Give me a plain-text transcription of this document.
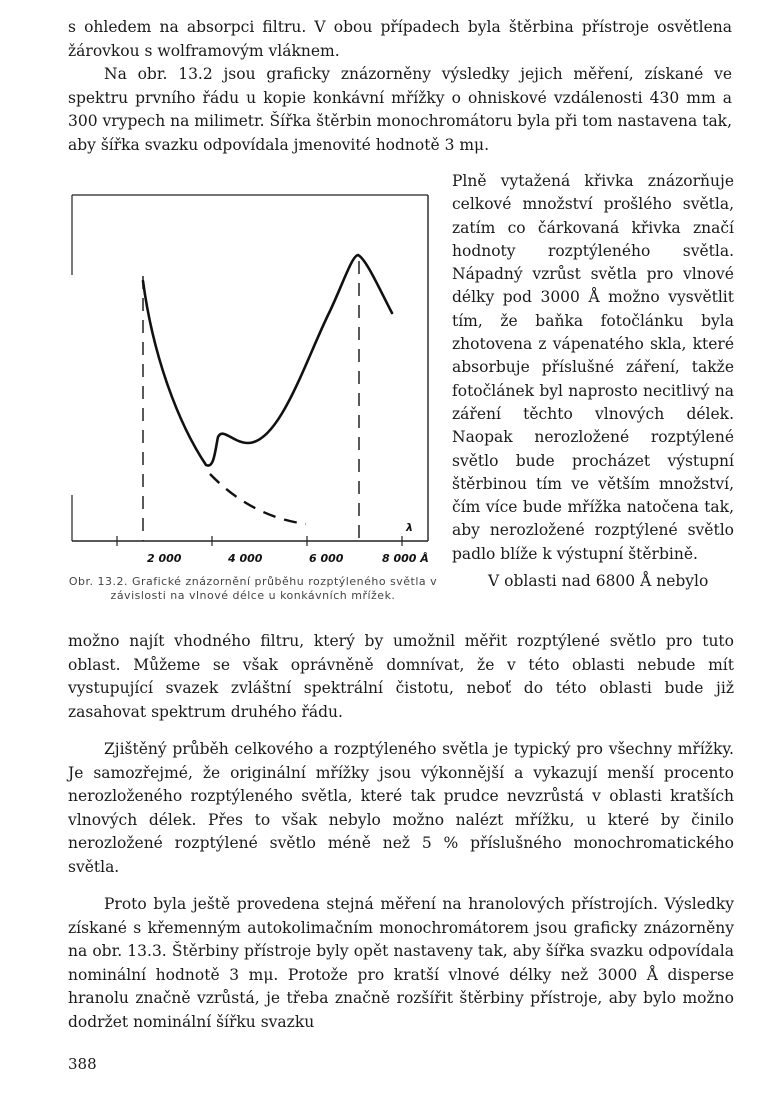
s ohledem na absorpci filtru. V obou případech byla štěrbina přístroje osvětlena žárovkou s wolframovým vláknem.

Na obr. 13.2 jsou graficky znázorněny výsledky jejich měření, získané ve spektru prvního řádu u kopie konkávní mřížky o ohniskové vzdálenosti 430 mm a 300 vrypech na milimetr. Šířka štěrbin monochromátoru byla při tom nastavena tak, aby šířka svazku odpovídala jmenovité hodnotě 3 mμ.

λ
2 000	4 000	6 000	8 000 Å
Obr. 13.2. Grafické znázornění průběhu rozptýleného světla v závislosti na vlnové délce u konkávních mřížek.

Plně vytažená křivka znázorňuje celkové množství prošlého světla, zatím co čárkovaná křivka značí hodnoty rozptýleného světla. Nápadný vzrůst světla pro vlnové délky pod 3000 Å možno vysvětlit tím, že baňka fotočlánku byla zhotovena z vápenatého skla, které absorbuje příslušné záření, takže fotočlánek byl naprosto necitlivý na záření těchto vlnových délek. Naopak nerozložené rozptýlené světlo bude procházet výstupní štěrbinou tím ve větším množství, čím více bude mřížka natočena tak, aby nerozložené rozptýlené světlo padlo blíže k výstupní štěrbině.

V oblasti nad 6800 Å nebylo

možno najít vhodného filtru, který by umožnil měřit rozptýlené světlo pro tuto oblast. Můžeme se však oprávněně domnívat, že v této oblasti nebude mít vystupující svazek zvláštní spektrální čistotu, neboť do této oblasti bude již zasahovat spektrum druhého řádu.

Zjištěný průběh celkového a rozptýleného světla je typický pro všechny mřížky. Je samozřejmé, že originální mřížky jsou výkonnější a vykazují menší procento nerozloženého rozptýleného světla, které tak prudce nevzrůstá v oblasti kratších vlnových délek. Přes to však nebylo možno nalézt mřížku, u které by činilo nerozložené rozptýlené světlo méně než 5 % příslušného monochromatického světla.

Proto byla ještě provedena stejná měření na hranolových přístrojích. Výsledky získané s křemenným autokolimačním monochromátorem jsou graficky znázorněny na obr. 13.3. Štěrbiny přístroje byly opět nastaveny tak, aby šířka svazku odpovídala nominální hodnotě 3 mμ. Protože pro kratší vlnové délky než 3000 Å disperse hranolu značně vzrůstá, je třeba značně rozšířit štěrbiny přístroje, aby bylo možno dodržet nominální šířku svazku

388
